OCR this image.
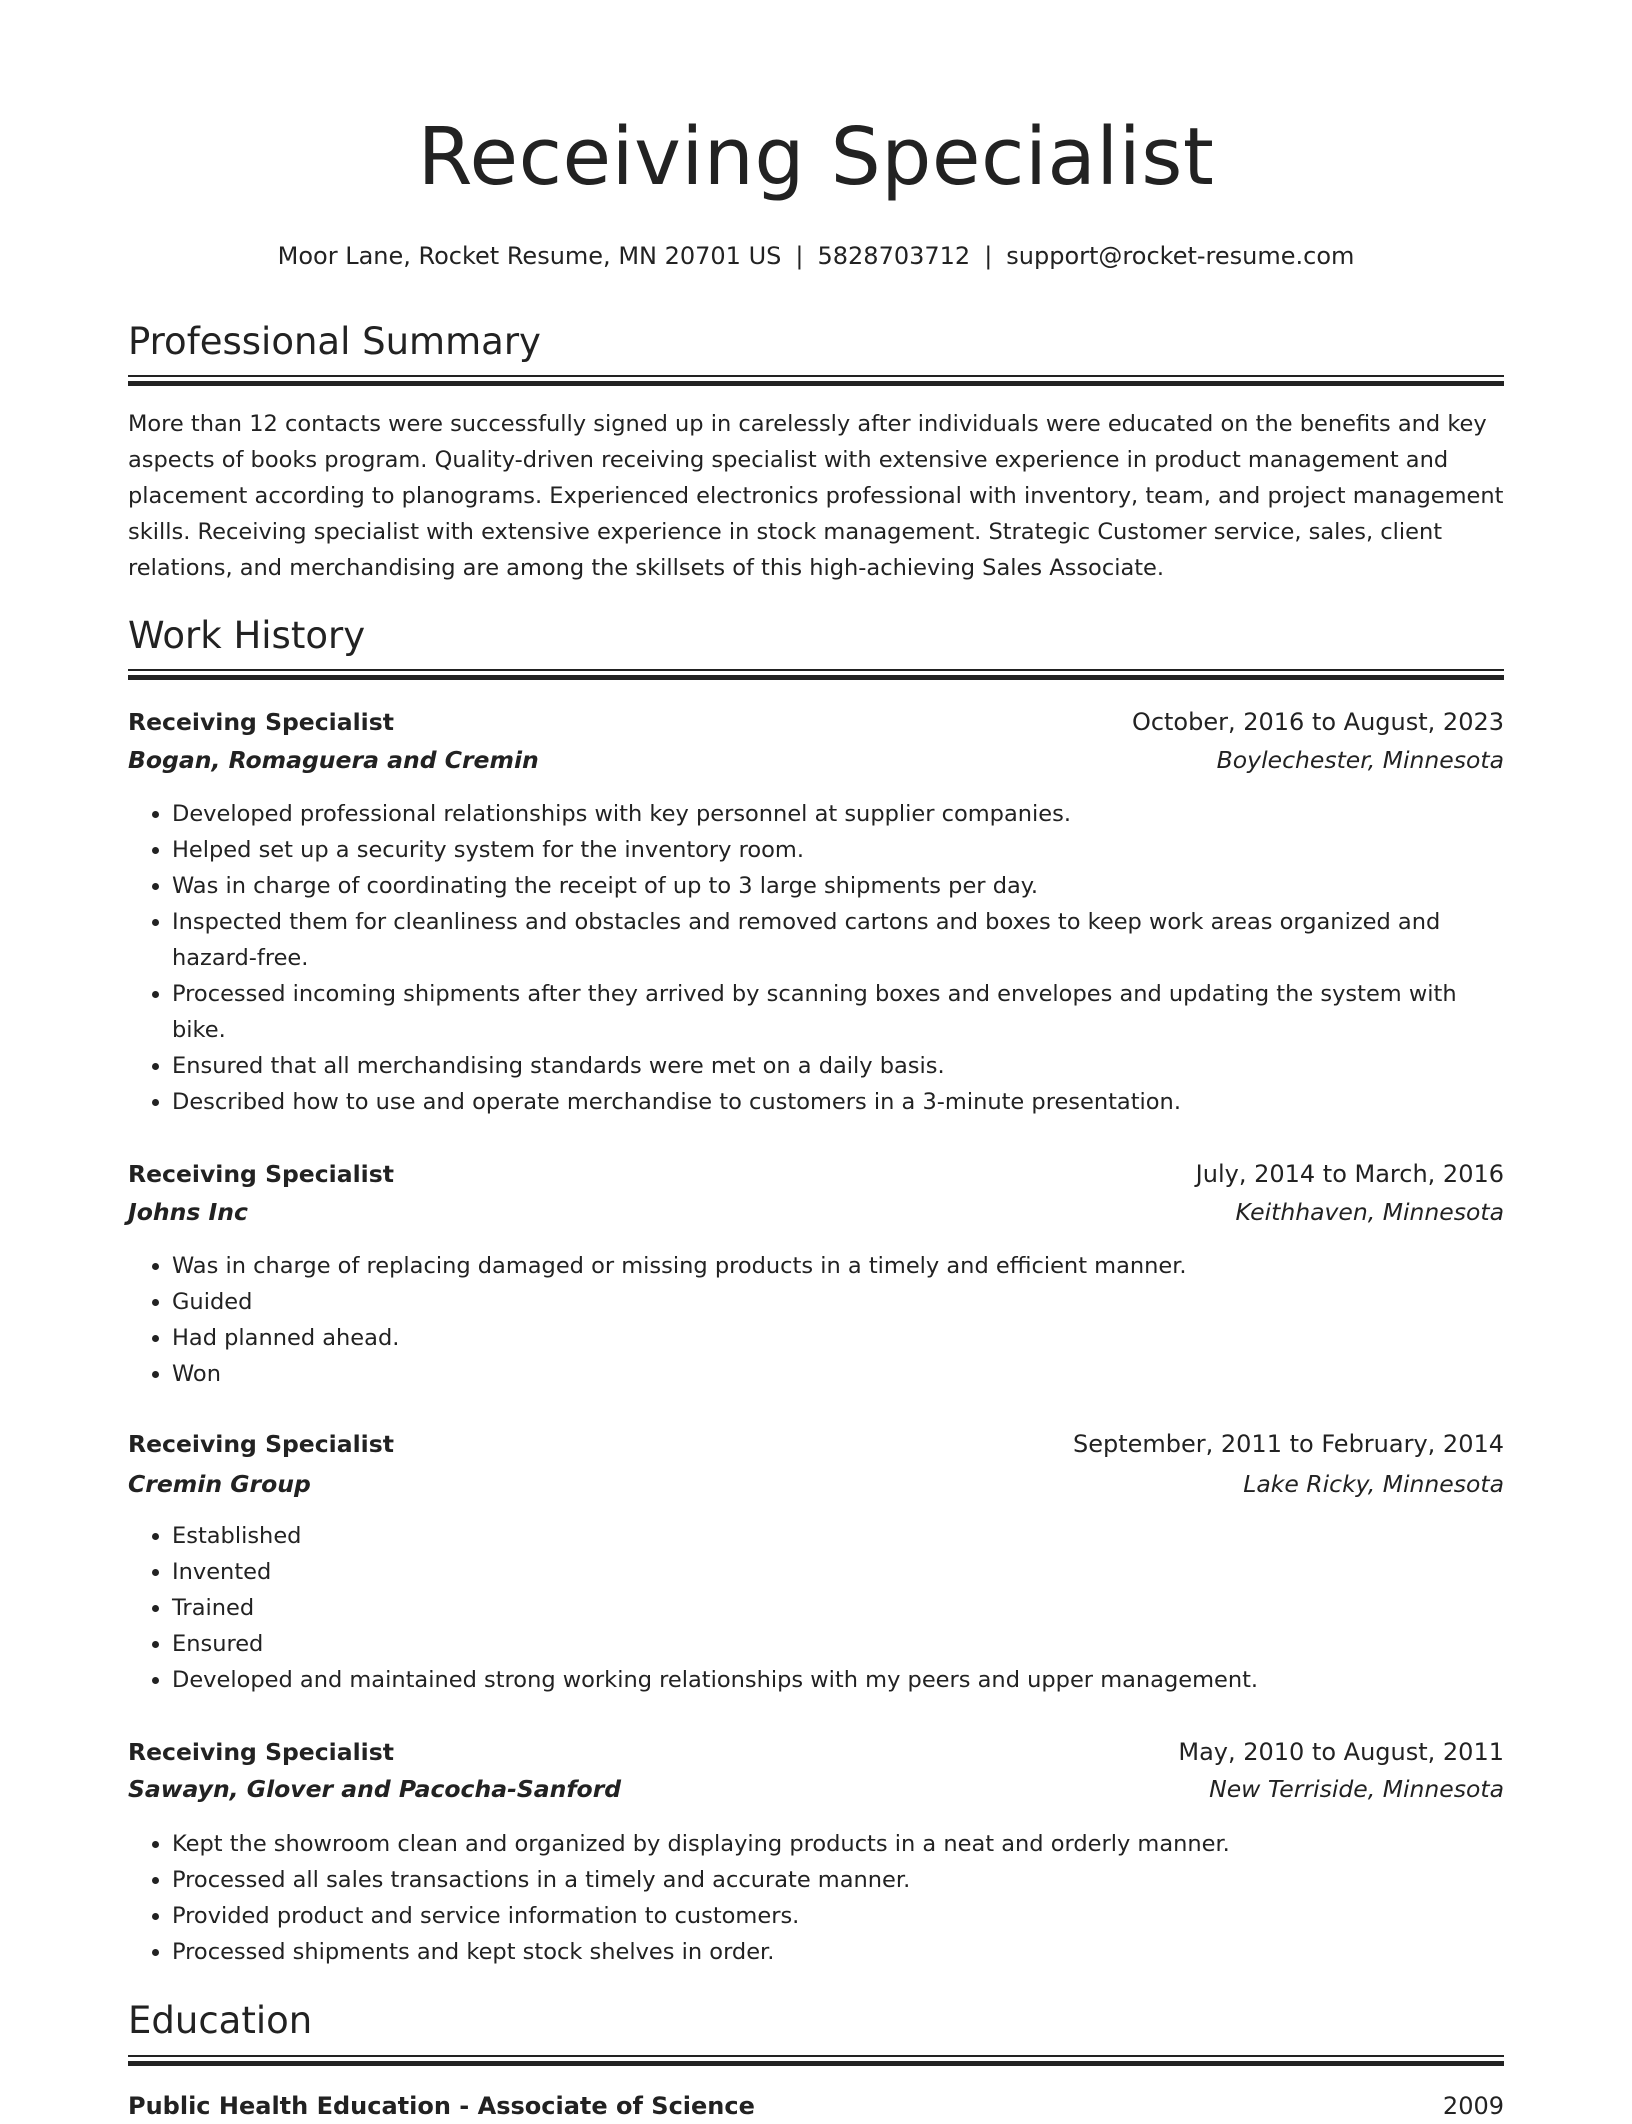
Receiving Specialist
Moor Lane, Rocket Resume, MN 20701 US | 5828703712 | support@rocket-resume.com
Professional Summary

More than 12 contacts were successfully signed up in carelessly after individuals were educated on the benefits and key aspects of books program. Quality-driven receiving specialist with extensive experience in product management and placement according to planograms. Experienced electronics professional with inventory, team, and project management skills. Receiving specialist with extensive experience in stock management. Strategic Customer service, sales, client relations, and merchandising are among the skillsets of this high-achieving Sales Associate.

Work History
Receiving Specialist	October, 2016 to August, 2023
Bogan, Romaguera and Cremin	Boylechester, Minnesota
• Developed professional relationships with key personnel at supplier companies.
• Helped set up a security system for the inventory room.
• Was in charge of coordinating the receipt of up to 3 large shipments per day.
• Inspected them for cleanliness and obstacles and removed cartons and boxes to keep work areas organized and hazard-free.
• Processed incoming shipments after they arrived by scanning boxes and envelopes and updating the system with bike.
• Ensured that all merchandising standards were met on a daily basis.
• Described how to use and operate merchandise to customers in a 3-minute presentation.
Receiving Specialist	July, 2014 to March, 2016
Johns Inc	Keithhaven, Minnesota
• Was in charge of replacing damaged or missing products in a timely and efficient manner.
• Guided
• Had planned ahead.
• Won
Receiving Specialist	September, 2011 to February, 2014
Cremin Group	Lake Ricky, Minnesota
• Established
• Invented
• Trained
• Ensured
• Developed and maintained strong working relationships with my peers and upper management.
Receiving Specialist	May, 2010 to August, 2011
Sawayn, Glover and Pacocha-Sanford	New Terriside, Minnesota
• Kept the showroom clean and organized by displaying products in a neat and orderly manner.
• Processed all sales transactions in a timely and accurate manner.
• Provided product and service information to customers.
• Processed shipments and kept stock shelves in order.
Education
Public Health Education - Associate of Science	2009
